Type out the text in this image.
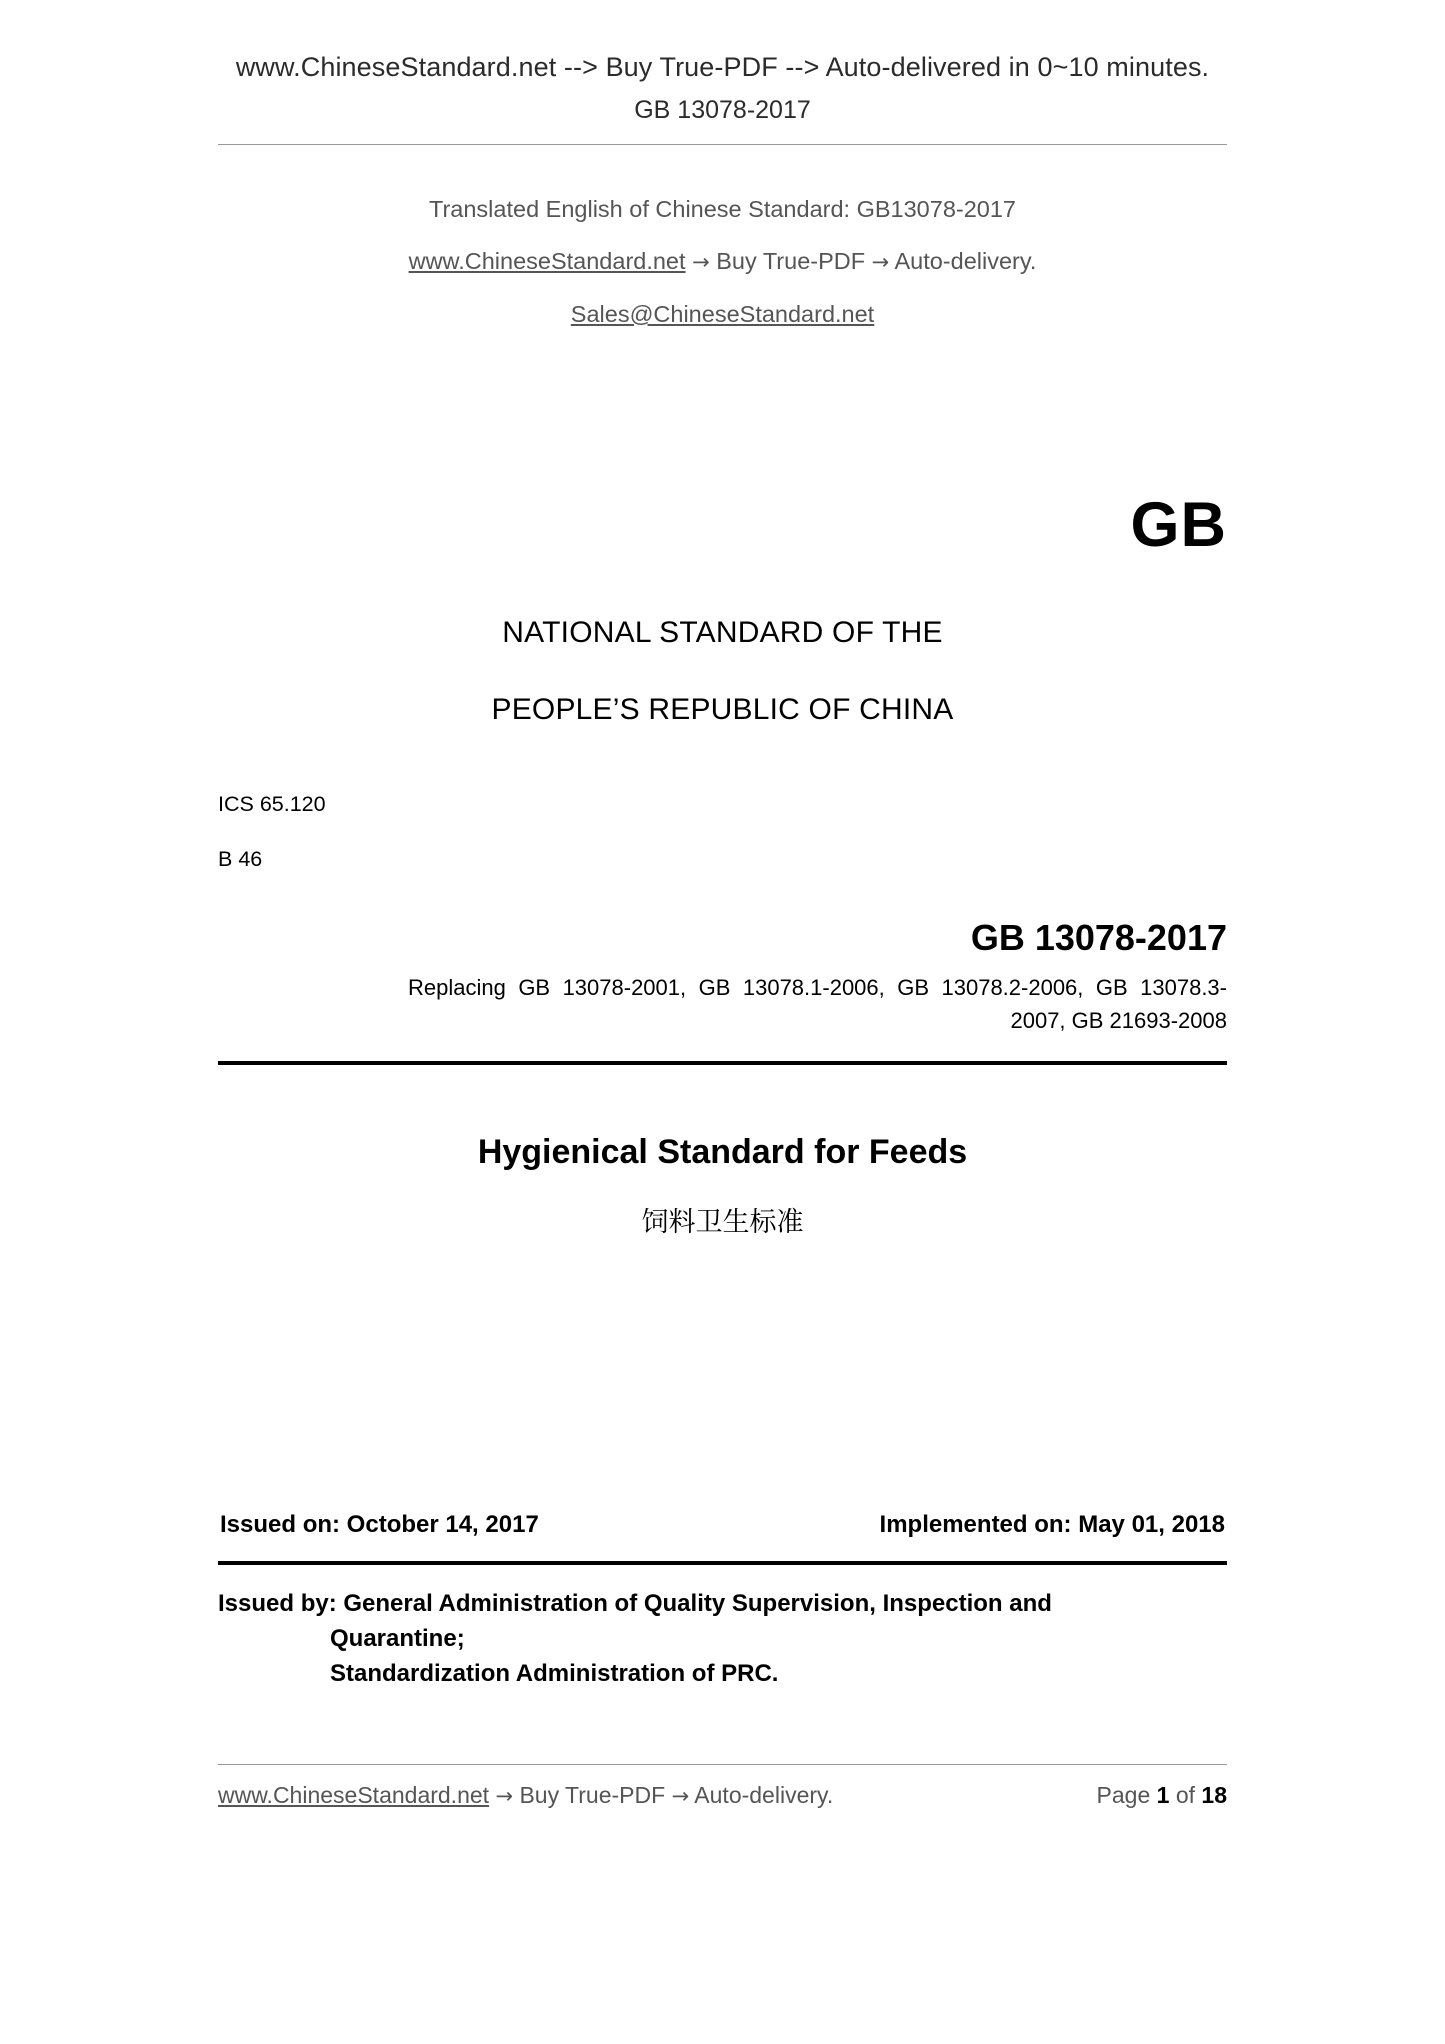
www.ChineseStandard.net --> Buy True-PDF --> Auto-delivered in 0~10 minutes.
GB 13078-2017
Translated English of Chinese Standard: GB13078-2017
www.ChineseStandard.net → Buy True-PDF → Auto-delivery.
Sales@ChineseStandard.net
GB
NATIONAL STANDARD OF THE
PEOPLE’S REPUBLIC OF CHINA
ICS 65.120
B 46
GB 13078-2017
Replacing GB 13078-2001, GB 13078.1-2006, GB 13078.2-2006, GB 13078.3-2007, GB 21693-2008
Hygienical Standard for Feeds
饲料卫生标准
Issued on: October 14, 2017	Implemented on: May 01, 2018
Issued by: General Administration of Quality Supervision, Inspection and
Quarantine;
Standardization Administration of PRC.
www.ChineseStandard.net → Buy True-PDF → Auto-delivery.	Page 1 of 18
